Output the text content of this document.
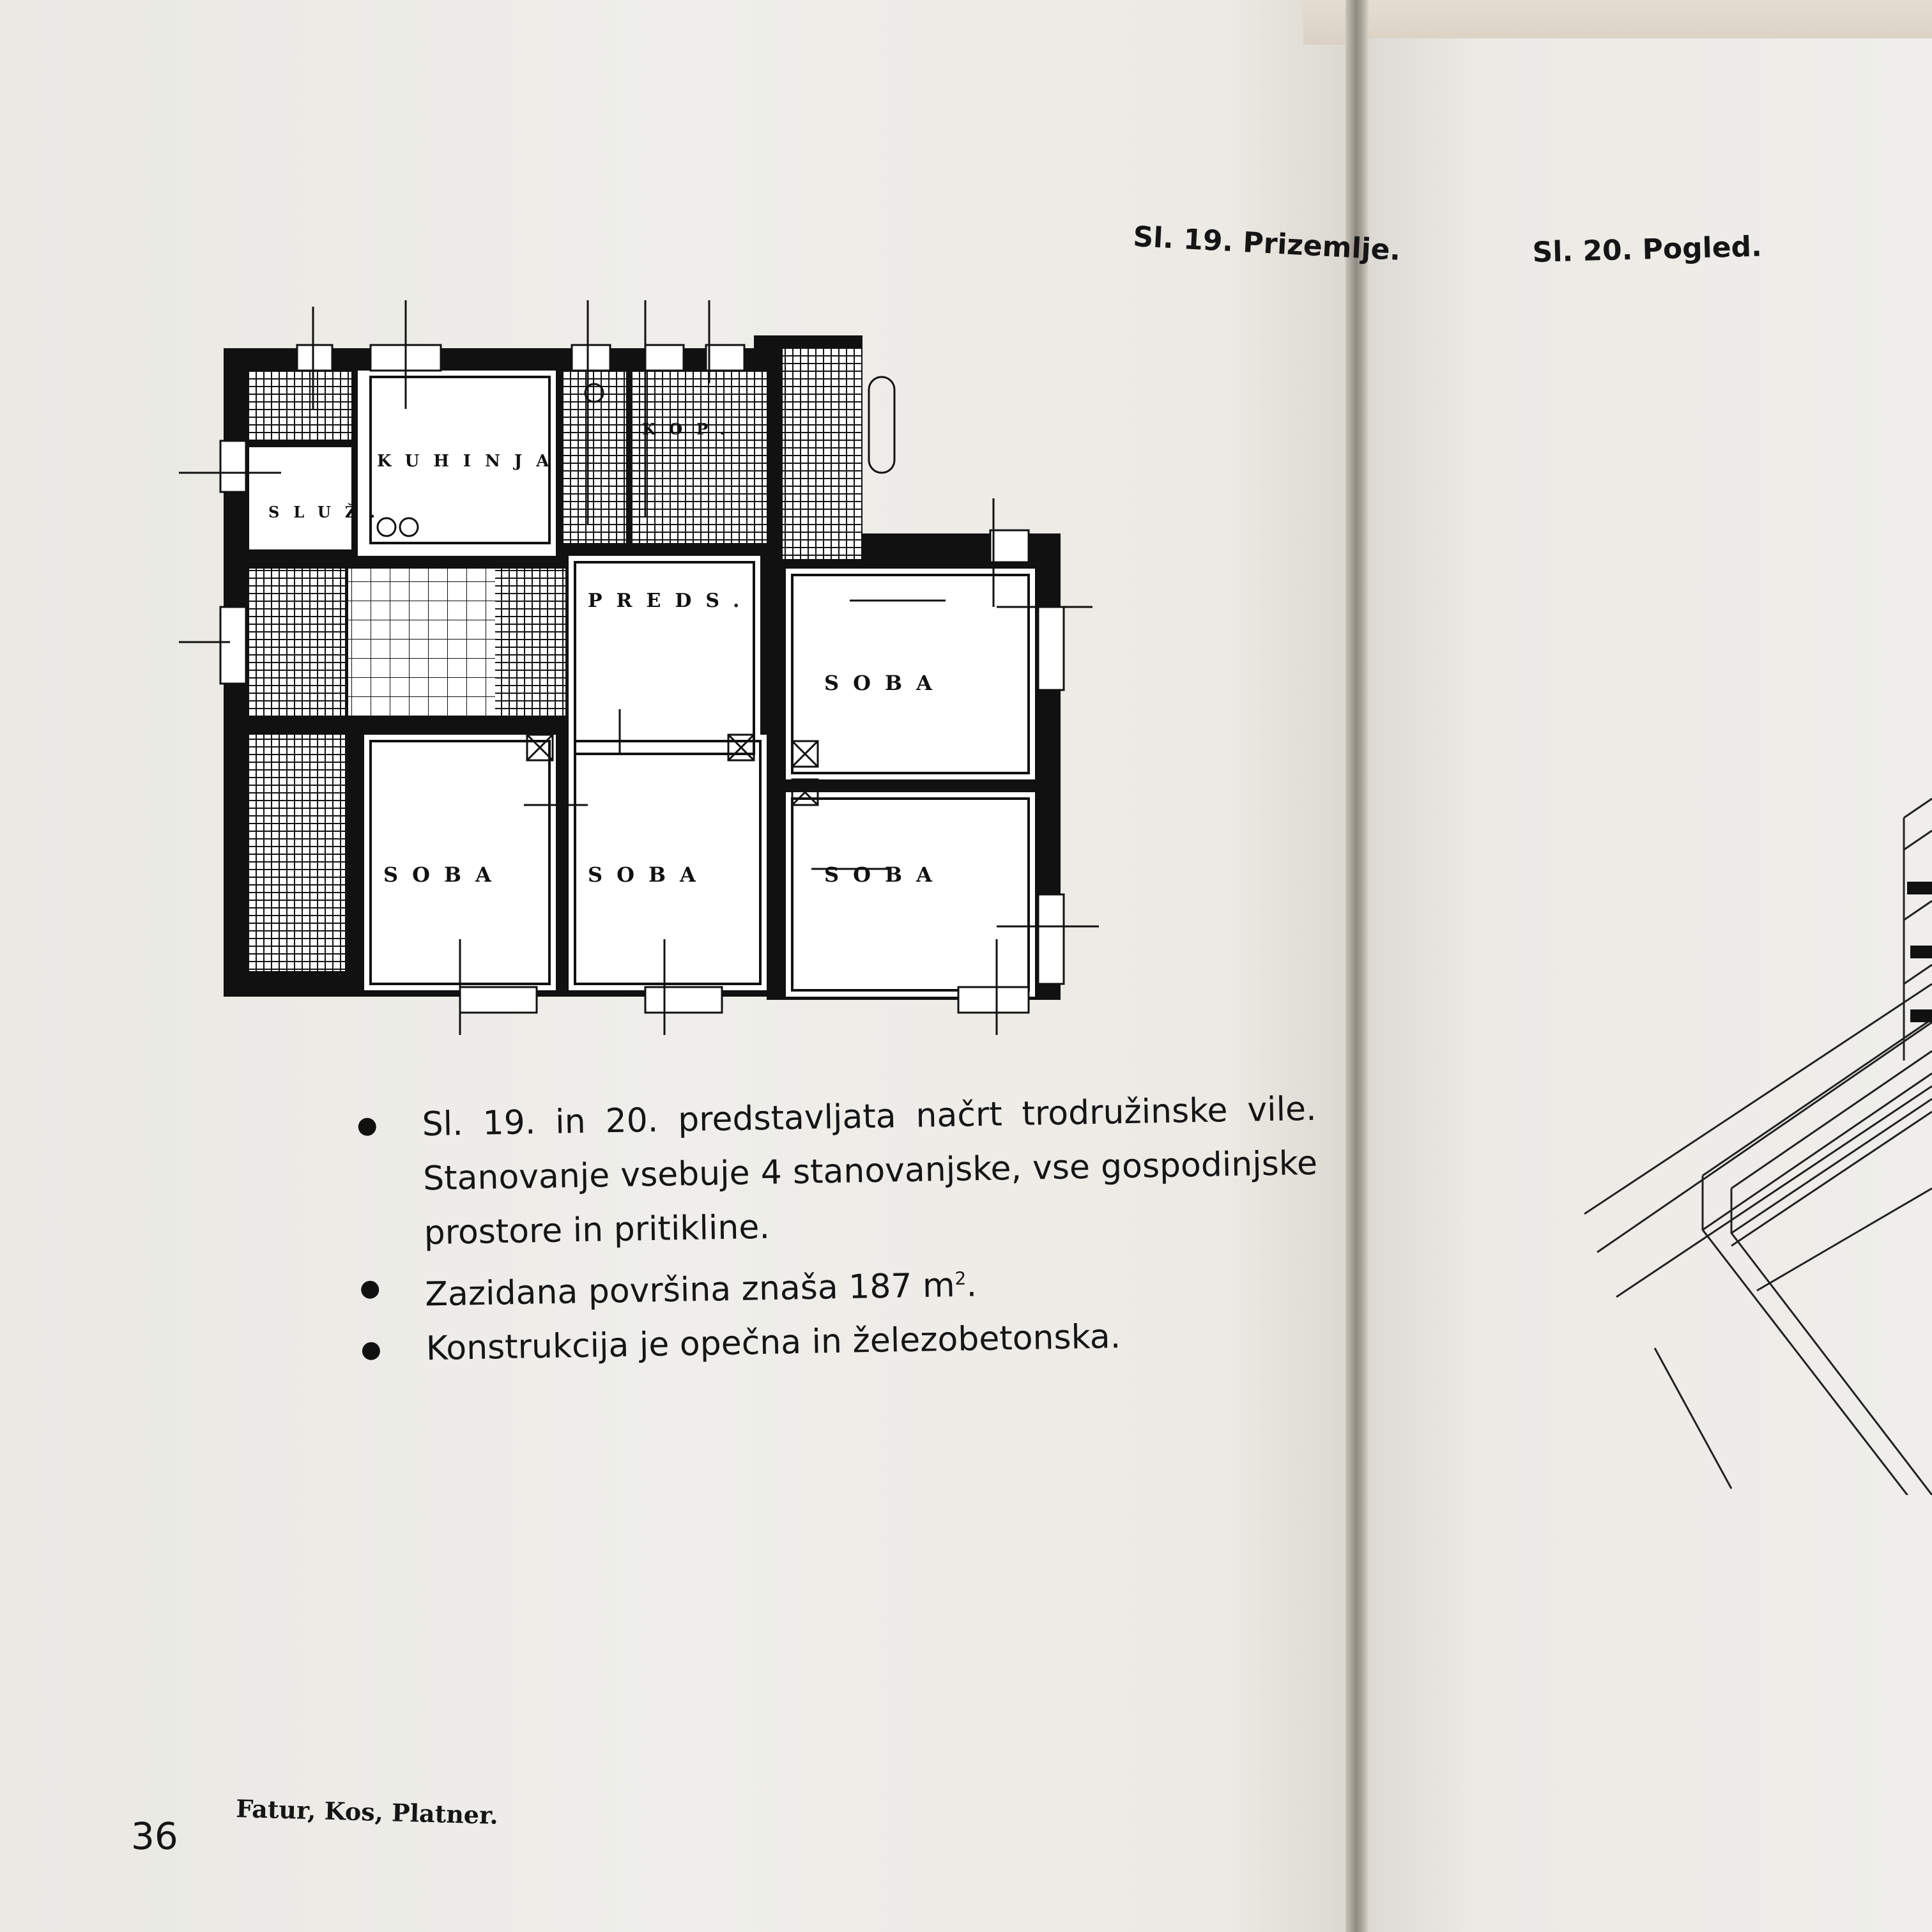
Sl. 19. Prizemlje.	Sl. 20. Pogled.
KUHINJA
SLUŽ.
KOP.
PREDS.
SOBA
SOBA	SOBA	SOBA
Sl. 19. in 20. predstavljata načrt trodružinske vile. Stanovanje vsebuje 4 stanovanjske, vse gospodinjske prostore in pritikline.
Zazidana površina znaša 187 $m^2$.
Konstrukcija je opečna in železobetonska.
36
Fatur, Kos, Platner.
